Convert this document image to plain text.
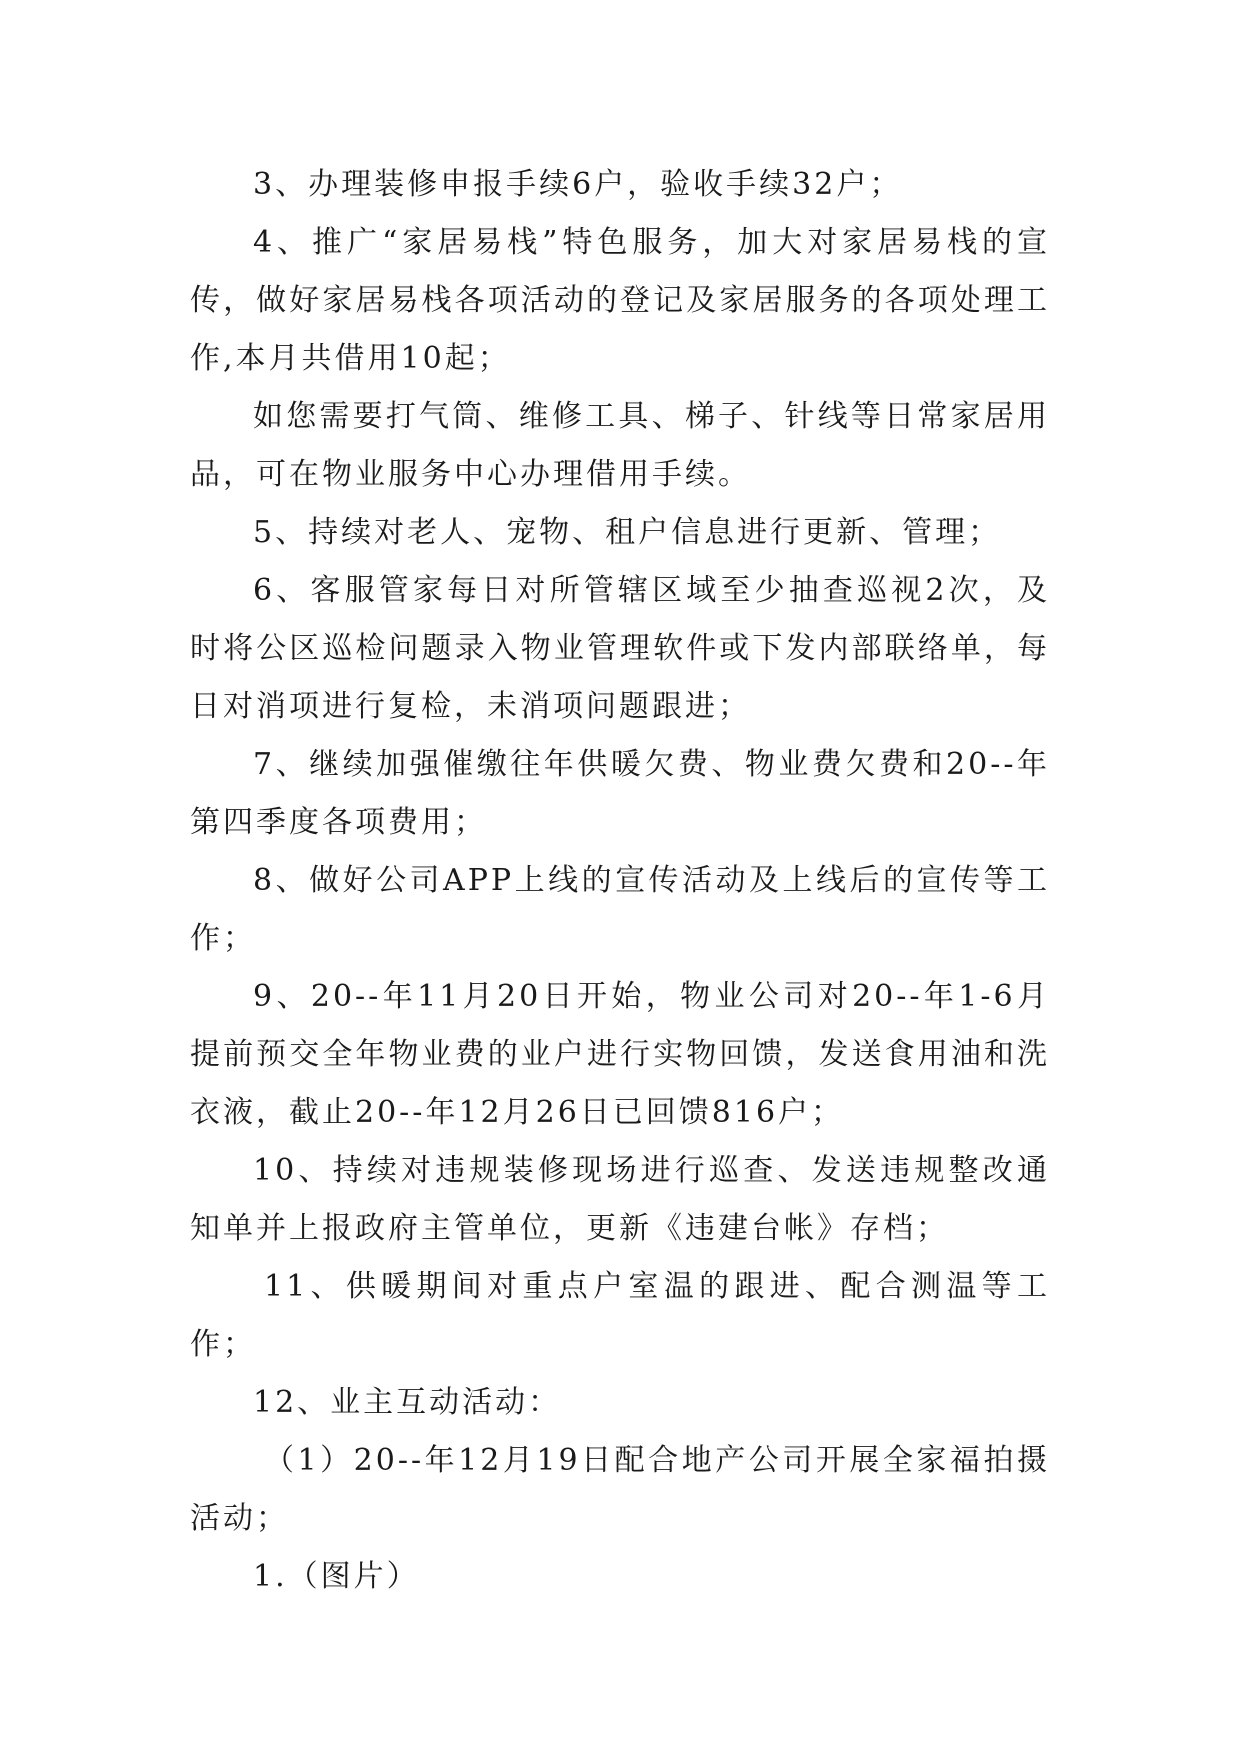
3、办理装修申报手续6户，验收手续32户；

4、推广“家居易栈”特色服务，加大对家居易栈的宣传，做好家居易栈各项活动的登记及家居服务的各项处理工作,本月共借用10起；

如您需要打气筒、维修工具、梯子、针线等日常家居用品，可在物业服务中心办理借用手续。

5、持续对老人、宠物、租户信息进行更新、管理；

6、客服管家每日对所管辖区域至少抽查巡视2次，及时将公区巡检问题录入物业管理软件或下发内部联络单，每日对消项进行复检，未消项问题跟进；

7、继续加强催缴往年供暖欠费、物业费欠费和20--年第四季度各项费用；

8、做好公司APP上线的宣传活动及上线后的宣传等工作；

9、20--年11月20日开始，物业公司对20--年1-6月提前预交全年物业费的业户进行实物回馈，发送食用油和洗衣液，截止20--年12月26日已回馈816户；

10、持续对违规装修现场进行巡查、发送违规整改通知单并上报政府主管单位，更新《违建台帐》存档；

11、供暖期间对重点户室温的跟进、配合测温等工作；

12、业主互动活动：

（1）20--年12月19日配合地产公司开展全家福拍摄活动；

1.（图片）
